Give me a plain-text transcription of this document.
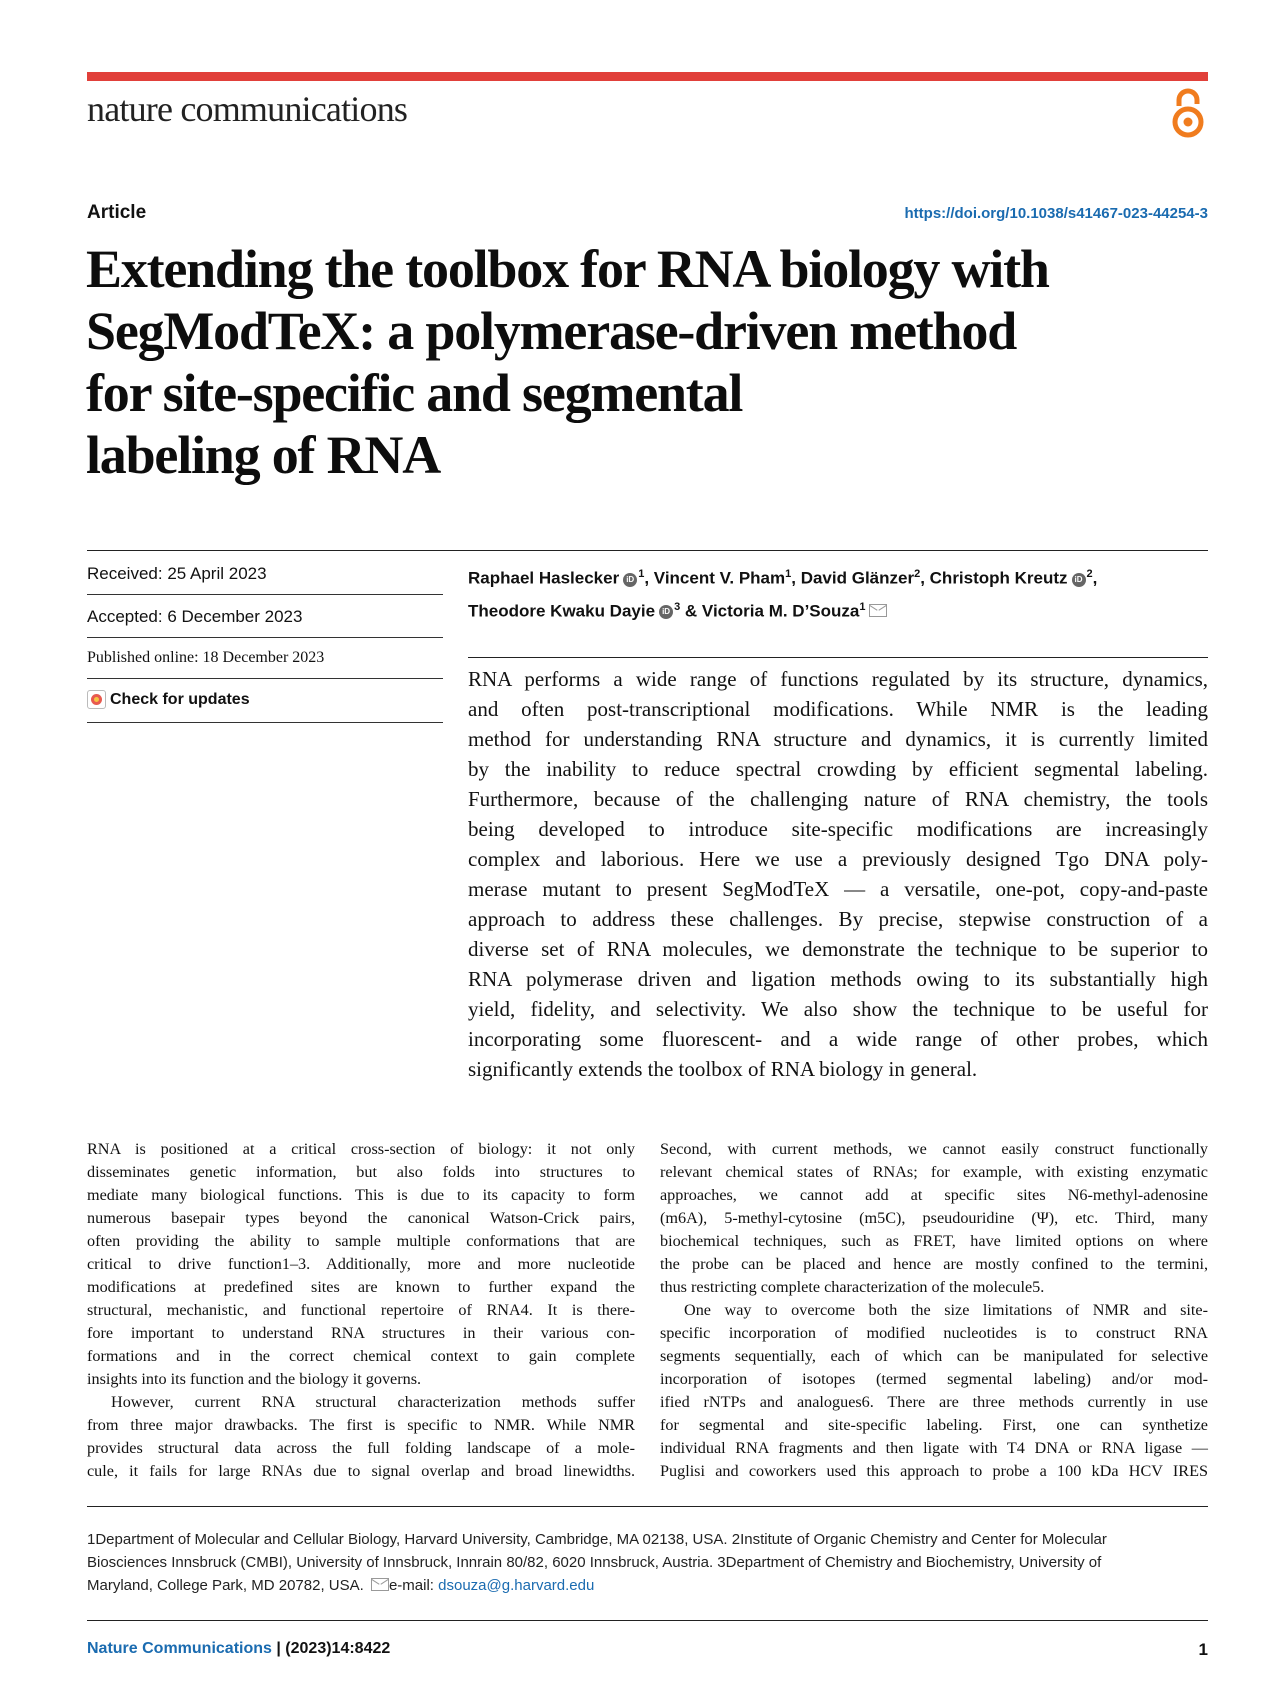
nature communications
Article	https://doi.org/10.1038/s41467-023-44254-3
Extending the toolbox for RNA biology with
SegModTeX: a polymerase-driven method
for site-specific and segmental
labeling of RNA
Received: 25 April 2023
Accepted: 6 December 2023
Published online: 18 December 2023
Check for updates
Raphael Haslecker iD $^1$, Vincent V. Pham$^1$, David Glänzer$^2$, Christoph Kreutz iD $^2$,
Theodore Kwaku Dayie iD $^3$ & Victoria M. D’Souza$^1$
RNA performs a wide range of functions regulated by its structure, dynamics,
and often post-transcriptional modifications. While NMR is the leading
method for understanding RNA structure and dynamics, it is currently limited
by the inability to reduce spectral crowding by efficient segmental labeling.
Furthermore, because of the challenging nature of RNA chemistry, the tools
being developed to introduce site-specific modifications are increasingly
complex and laborious. Here we use a previously designed Tgo DNA poly-
merase mutant to present SegModTeX — a versatile, one-pot, copy-and-paste
approach to address these challenges. By precise, stepwise construction of a
diverse set of RNA molecules, we demonstrate the technique to be superior to
RNA polymerase driven and ligation methods owing to its substantially high
yield, fidelity, and selectivity. We also show the technique to be useful for
incorporating some fluorescent- and a wide range of other probes, which
significantly extends the toolbox of RNA biology in general.
RNA is positioned at a critical cross-section of biology: it not only
disseminates genetic information, but also folds into structures to
mediate many biological functions. This is due to its capacity to form
numerous basepair types beyond the canonical Watson-Crick pairs,
often providing the ability to sample multiple conformations that are
critical to drive function1–3. Additionally, more and more nucleotide
modifications at predefined sites are known to further expand the
structural, mechanistic, and functional repertoire of RNA4. It is there-
fore important to understand RNA structures in their various con-
formations and in the correct chemical context to gain complete
insights into its function and the biology it governs.
However, current RNA structural characterization methods suffer
from three major drawbacks. The first is specific to NMR. While NMR
provides structural data across the full folding landscape of a mole-
cule, it fails for large RNAs due to signal overlap and broad linewidths.
Second, with current methods, we cannot easily construct functionally
relevant chemical states of RNAs; for example, with existing enzymatic
approaches, we cannot add at specific sites N6-methyl-adenosine
(m6A), 5-methyl-cytosine (m5C), pseudouridine (Ψ), etc. Third, many
biochemical techniques, such as FRET, have limited options on where
the probe can be placed and hence are mostly confined to the termini,
thus restricting complete characterization of the molecule5.
One way to overcome both the size limitations of NMR and site-
specific incorporation of modified nucleotides is to construct RNA
segments sequentially, each of which can be manipulated for selective
incorporation of isotopes (termed segmental labeling) and/or mod-
ified rNTPs and analogues6. There are three methods currently in use
for segmental and site-specific labeling. First, one can synthetize
individual RNA fragments and then ligate with T4 DNA or RNA ligase —
Puglisi and coworkers used this approach to probe a 100 kDa HCV IRES
1Department of Molecular and Cellular Biology, Harvard University, Cambridge, MA 02138, USA. 2Institute of Organic Chemistry and Center for Molecular
Biosciences Innsbruck (CMBI), University of Innsbruck, Innrain 80/82, 6020 Innsbruck, Austria. 3Department of Chemistry and Biochemistry, University of
Maryland, College Park, MD 20782, USA. e-mail: dsouza@g.harvard.edu
Nature Communications | (2023)14:8422	1
